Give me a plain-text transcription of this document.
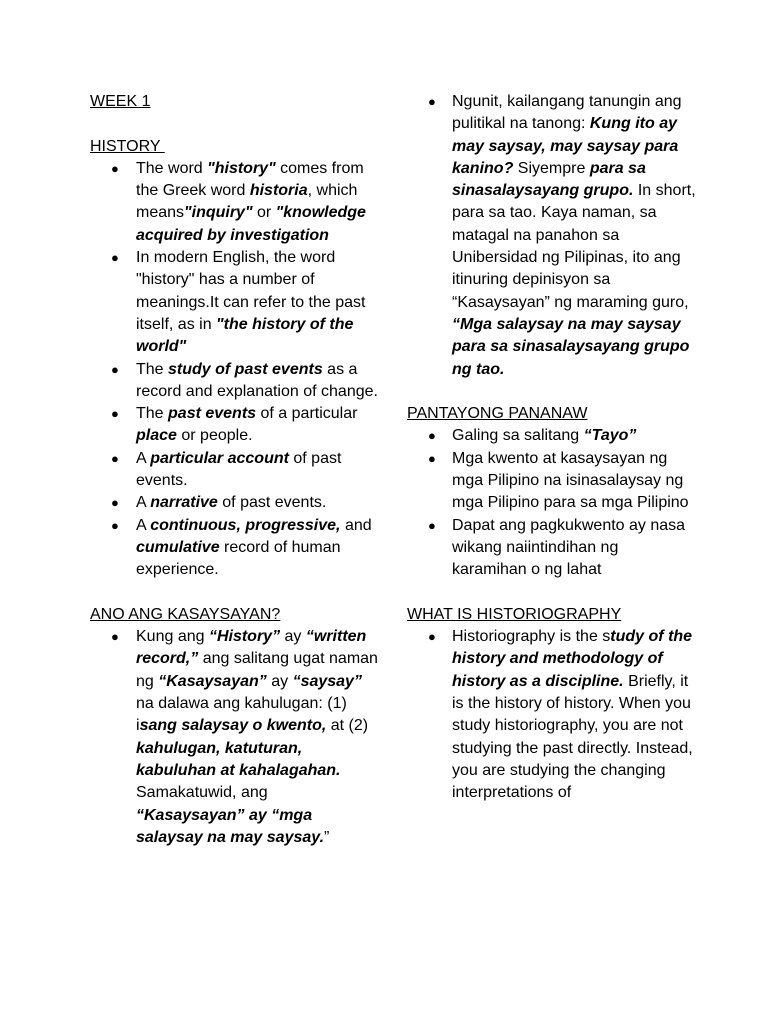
WEEK 1
HISTORY
● The word "history" comes from the Greek word historia, which means"inquiry" or "knowledge acquired by investigation
● In modern English, the word "history" has a number of meanings.It can refer to the past itself, as in "the history of the world"
● The study of past events as a record and explanation of change.
● The past events of a particular place or people.
● A particular account of past events.
● A narrative of past events.
● A continuous, progressive, and cumulative record of human experience.
ANO ANG KASAYSAYAN?
● Kung ang “History” ay “written record,” ang salitang ugat naman ng “Kasaysayan” ay “saysay” na dalawa ang kahulugan: (1) isang salaysay o kwento, at (2) kahulugan, katuturan, kabuluhan at kahalagahan. Samakatuwid, ang “Kasaysayan” ay “mga salaysay na may saysay.”
● Ngunit, kailangang tanungin ang pulitikal na tanong: Kung ito ay may saysay, may saysay para kanino? Siyempre para sa sinasalaysayang grupo. In short, para sa tao. Kaya naman, sa matagal na panahon sa Unibersidad ng Pilipinas, ito ang itinuring depinisyon sa “Kasaysayan” ng maraming guro, “Mga salaysay na may saysay para sa sinasalaysayang grupo ng tao.
PANTAYONG PANANAW
● Galing sa salitang “Tayo”
● Mga kwento at kasaysayan ng mga Pilipino na isinasalaysay ng mga Pilipino para sa mga Pilipino
● Dapat ang pagkukwento ay nasa wikang naiintindihan ng karamihan o ng lahat
WHAT IS HISTORIOGRAPHY
● Historiography is the study of the history and methodology of history as a discipline. Briefly, it is the history of history. When you study historiography, you are not studying the past directly. Instead, you are studying the changing interpretations of
